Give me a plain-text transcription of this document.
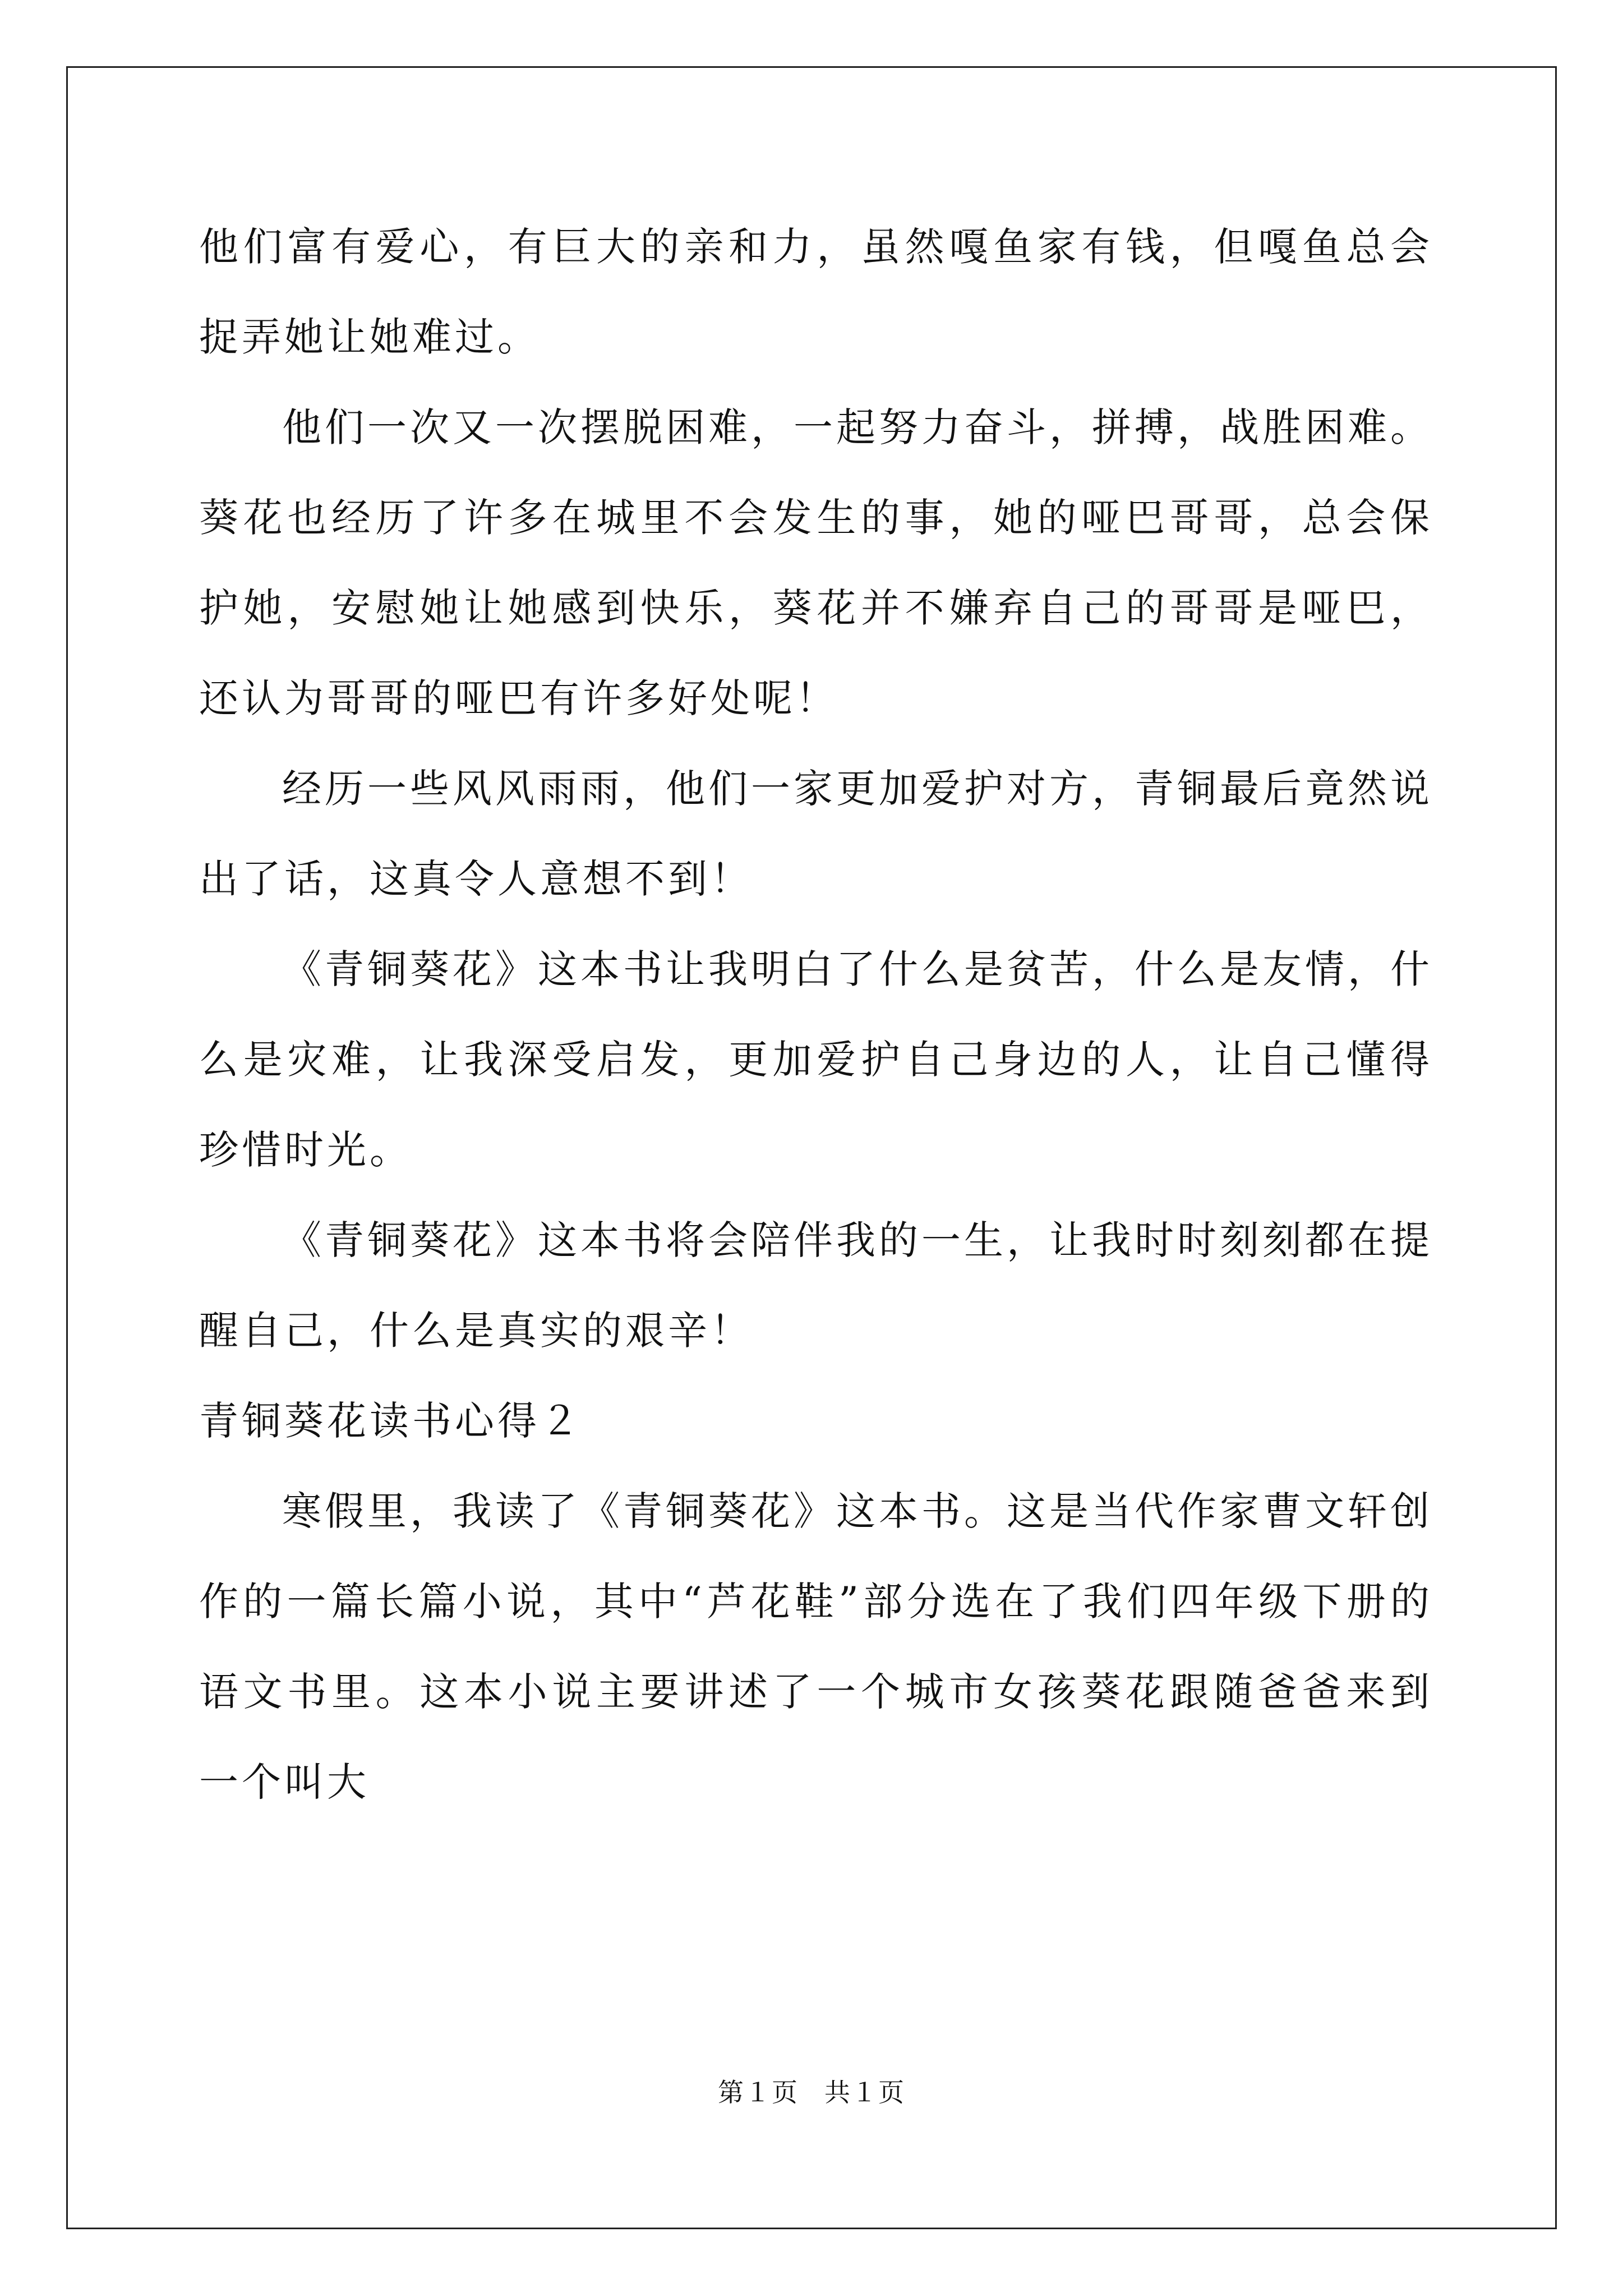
他们富有爱心，有巨大的亲和力，虽然嘎鱼家有钱，但嘎鱼总会捉弄她让她难过。

他们一次又一次摆脱困难，一起努力奋斗，拼搏，战胜困难。葵花也经历了许多在城里不会发生的事，她的哑巴哥哥，总会保护她，安慰她让她感到快乐，葵花并不嫌弃自己的哥哥是哑巴，还认为哥哥的哑巴有许多好处呢！

经历一些风风雨雨，他们一家更加爱护对方，青铜最后竟然说出了话，这真令人意想不到！

《青铜葵花》这本书让我明白了什么是贫苦，什么是友情，什么是灾难，让我深受启发，更加爱护自己身边的人，让自己懂得珍惜时光。

《青铜葵花》这本书将会陪伴我的一生，让我时时刻刻都在提醒自己，什么是真实的艰辛！

青铜葵花读书心得２

寒假里，我读了《青铜葵花》这本书。这是当代作家曹文轩创作的一篇长篇小说，其中“芦花鞋”部分选在了我们四年级下册的语文书里。这本小说主要讲述了一个城市女孩葵花跟随爸爸来到一个叫大

第１页 共１页
